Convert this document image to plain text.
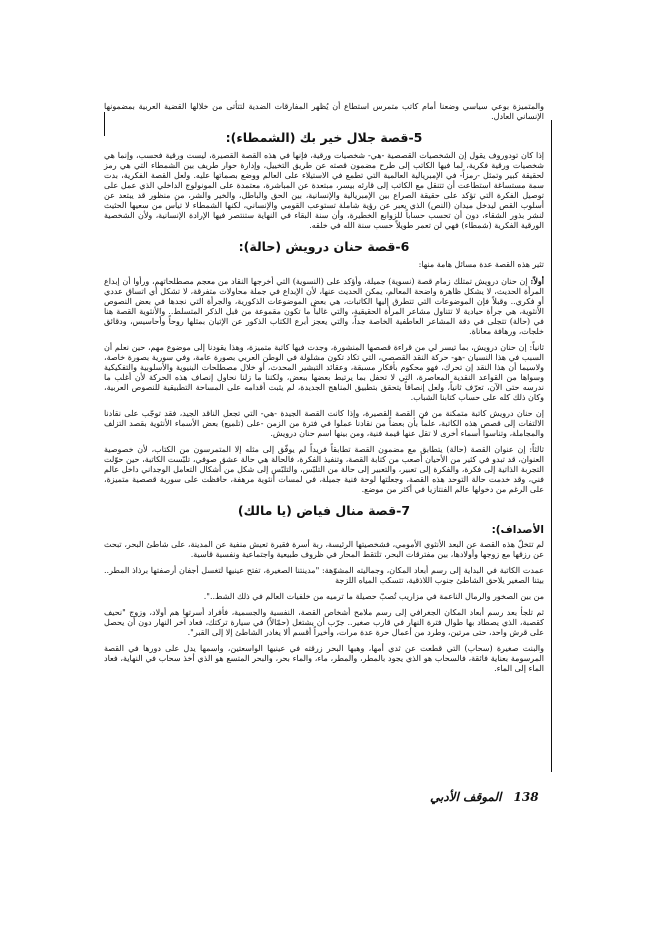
والمتميزة بوعي سياسي وضعنا أمام كاتب متمرس استطاع أن يُظهر المفارقات الضدية لتتأتى من خلالها القضية العربية بمضمونها الإنساني العادل.

5-قصة جلال خير بك (الشمطاء):

إذا كان تودوروف يقول إن الشخصيات القصصية -هي- شخصيات ورقية، فإنها في هذه القصة القصيرة، ليست ورقية فحسب، وإنما هي شخصيات ورقية فكرية، لما فيها الكاتب إلى طرح مضمون قصته عن طريق التخييل، وإدارة حوار طريف بين الشمطاء التي هي رمز لحقيقة كبير وتمثل -رمزاً- في الإمبريالية العالمية التي تطمع في الاستيلاء على العالم ووضع بصماتها عليه. ولعل القصة الفكرية، بدت سمة مستساغة استطاعت أن تتنقل مع الكاتب إلى قارئه بيسر، مبتعدة عن المباشرة، معتمدة على المونولوج الداخلي الذي عمل على توصيل الفكرة التي تؤكد على حقيقة الصراع بين الإمبريالية والإنسانية، بين الحق والباطل، والخير والشر، من منظور قد يبتعد عن أسلوب القص ليدخل ميدان (النص) الذي يعبر عن رؤية شاملة تستوعب القومي والإنساني، لكنها الشمطاء لا تيأس من سعيها الحثيث لنشر بذور الشقاء، دون أن تحسب حساباً للزوابع الخطيرة، وأن سنة البقاء في النهاية ستنتصر فيها الإرادة الإنسانية، ولأن الشخصية الورقية الفكرية (شمطاء) فهي لن تعمر طويلاً حسب سنة الله في خلقه.

6-قصة حنان درويش (حالة):

تثير هذه القصة عدة مسائل هامة منها:

أولاً: إن حنان درويش تمتلك زمام قصة (نسوية) جميلة، وأؤكد على (النسوية) التي أخرجها النقاد من معجم مصطلحاتهم، ورأوا أن إبداع المرأة الحديث، لا يشكل ظاهرة واضحة المعالم، يمكن الحديث عنها، لأن الإبداع في جملة محاولات متفرقة، لا تشكل أي اتساق عددي أو فكري.. وقبلاً فإن الموضوعات التي تتطرق إليها الكاتبات، هي بعض الموضوعات الذكورية، والجرأة التي نجدها في بعض النصوص الأنثوية، هي جرأة حيادية لا تتناول مشاعر المرأة الحقيقية، والتي غالباً ما تكون مقموعة من قبل الذكر المتسلط.. والأنثوية القصة هنا في (حالة) تتجلى في دقة المشاعر العاطفية الخاصة جداً، والتي يعجز أبرع الكتاب الذكور عن الإتيان بمثلها روحاً وأحاسيس، ودقائق خلجات، ورهافة معاناة.

ثانياً: إن حنان درويش، بما تيسر لي من قراءة قصصها المنشورة، وجدت فيها كاتبة متميزة، وهذا يقودنا إلى موضوع مهم، حين نعلم أن السبب في هذا النسيان -هو- حركة النقد القصصي، التي تكاد تكون مشلولة في الوطن العربي بصورة عامة، وفي سورية بصورة خاصة، ولاسيما أن هذا النقد إن تحرك، فهو محكوم بأفكار مسبقة، وعقائد التبشير المحدث، أو خلال مصطلحات البنيوية والأسلوبية والتفكيكية وسواها من القواعد النقدية المعاصرة، التي لا تحفل بما يرتبط بعضها ببعض، ولكننا ما زلنا نحاول إنصاف هذه الحركة لأن أغلب ما ندرسه حتى الآن، تعرّف ثانياً، ولعل إنصافاً يتحقق بتطبيق المناهج الجديدة، لم يثبت أقدامه على المساحة التطبيقية للنصوص العربية، وكان ذلك كله على حساب كتابنا الشباب.

إن حنان درويش كاتبة متمكنة من فن القصة القصيرة، وإذا كانت القصة الجيدة -هي- التي تجعل الناقد الجيد، فقد توجّب على نقادنا الالتفات إلى قصص هذه الكاتبة، علماً بأن بعضاً من نقادنا عملوا في فترة من الزمن -على (تلميع) بعض الأسماء الأنثوية بقصد التزلف والمجاملة، وتناسوا أسماء أخرى لا تقل عنها قيمة فنية، ومن بينها اسم حنان درويش.

ثالثاً: إن عنوان القصة (حالة) يتطابق مع مضمون القصة تطابقاً فريداً لم يوفّق إلى مثله إلا المتمرسون من الكتاب، لأن خصوصية العنوان، قد تبدو في كثير من الأحيان أصعب من كتابة القصة، وتنفيذ الفكرة، فالحالة هي حالة عشق صوفي، تلبّست الكاتبة، حين حوّلت التجربة الذاتية إلى فكرة، والفكرة إلى تعبير، والتعبير إلى حالة من التلبّس، والتلبّس إلى شكل من أشكال التعامل الوجداني داخل عالم فني، وقد خدمت حالة التوحد هذه القصة، وجعلتها لوحة فنية جميلة، في لمسات أنثوية مرهفة، حافظت على سورية قصصية متميزة، على الرغم من دخولها عالم الفنتازيا في أكثر من موضع.

7-قصة منال فياض (يا مالك)
الأصداف):

لم تتخلّ هذه القصة عن البعد الأنثوي الأمومي، فشخصيتها الرئيسة، ربة أسرة فقيرة تعيش منفية عن المدينة، على شاطئ البحر، تبحث عن رزقها مع زوجها وأولادها، بين مفترقات البحر، تلتقط المحار في ظروف طبيعية واجتماعية ونفسية قاسية.

عمدت الكاتبة في البداية إلى رسم أبعاد المكان، وجماليته المشوّهة: "مدينتنا الصغيرة، تفتح عينيها لتغسل أجفان أرصفتها برذاذ المطر.. بيتنا الصغير يلاحق الشاطئ جنوب اللاذقية، تتسكب المياه اللزجة

من بين الصخور والرمال الناعمة في مزاريب تُصبّ حصيلة ما ترميه من خلفيات العالم في ذلك الشط..".

ثم تلجأ بعد رسم أبعاد المكان الجغرافي إلى رسم ملامح أشخاص القصة، النفسية والجسمية، فأفراد أسرتها هم أولاد، وزوج "نحيف كقصبة، الذي يصطاد بها طوال فترة النهار في قارب صغير.. جرّب أن يشتغل (حمّالاً) في سيارة تركتك، فعاد آخر النهار دون أن يحصل على قرش واحد، حتى مرتين، وطرد من أعمال حرة عدة مرات، وأخيراً أقسم ألا يغادر الشاطئ إلا إلى القبر".

والبنت صغيرة (سحاب) التي قطعت عن ثدي أمها، وهبها البحر زرقته في عينيها الواسعتين، واسمها يدل على دورها في القصة المرسومة بعناية فائقة، فالسحاب هو الذي يجود بالمطر، والمطر، ماء، والماء بحر، والبحر المتسع هو الذي أخذ سحاب في النهاية، فعاد الماء إلى الماء.

138 الموقف الأدبي
